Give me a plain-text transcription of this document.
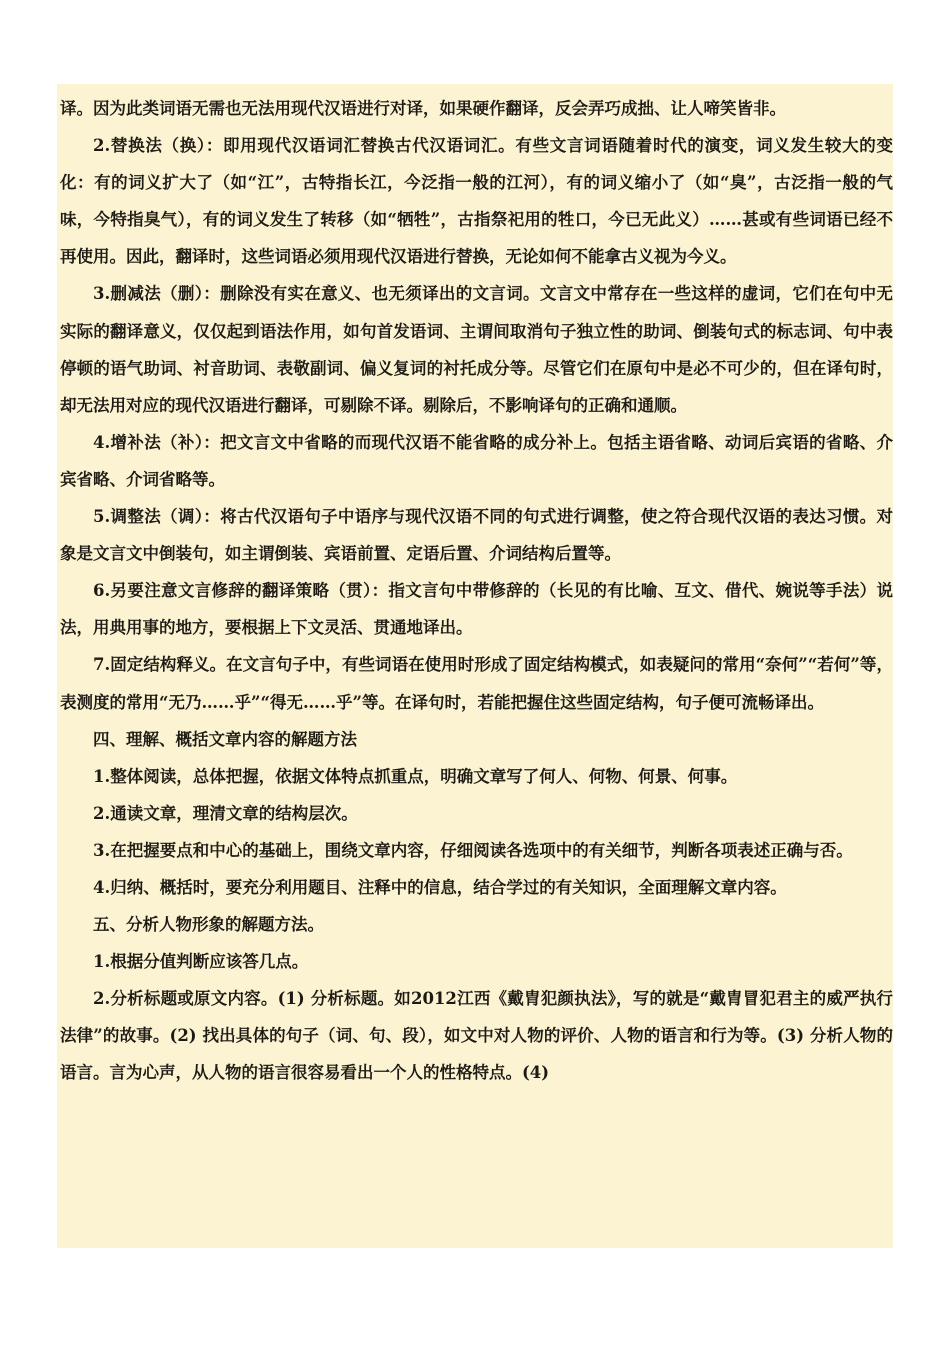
译。因为此类词语无需也无法用现代汉语进行对译，如果硬作翻译，反会弄巧成拙、让人啼笑皆非。

2.替换法（换）：即用现代汉语词汇替换古代汉语词汇。有些文言词语随着时代的演变，词义发生较大的变化：有的词义扩大了（如“江”，古特指长江，今泛指一般的江河），有的词义缩小了（如“臭”，古泛指一般的气味，今特指臭气），有的词义发生了转移（如“牺牲”，古指祭祀用的牲口，今已无此义）……甚或有些词语已经不再使用。因此，翻译时，这些词语必须用现代汉语进行替换，无论如何不能拿古义视为今义。

3.删减法（删）：删除没有实在意义、也无须译出的文言词。文言文中常存在一些这样的虚词，它们在句中无实际的翻译意义，仅仅起到语法作用，如句首发语词、主谓间取消句子独立性的助词、倒装句式的标志词、句中表停顿的语气助词、衬音助词、表敬副词、偏义复词的衬托成分等。尽管它们在原句中是必不可少的，但在译句时，却无法用对应的现代汉语进行翻译，可剔除不译。剔除后，不影响译句的正确和通顺。

4.增补法（补）：把文言文中省略的而现代汉语不能省略的成分补上。包括主语省略、动词后宾语的省略、介宾省略、介词省略等。

5.调整法（调）：将古代汉语句子中语序与现代汉语不同的句式进行调整，使之符合现代汉语的表达习惯。对象是文言文中倒装句，如主谓倒装、宾语前置、定语后置、介词结构后置等。

6.另要注意文言修辞的翻译策略（贯）：指文言句中带修辞的（长见的有比喻、互文、借代、婉说等手法）说法，用典用事的地方，要根据上下文灵活、贯通地译出。

7.固定结构释义。在文言句子中，有些词语在使用时形成了固定结构模式，如表疑问的常用“奈何”“若何”等，表测度的常用“无乃……乎”“得无……乎”等。在译句时，若能把握住这些固定结构，句子便可流畅译出。

四、理解、概括文章内容的解题方法

1.整体阅读，总体把握，依据文体特点抓重点，明确文章写了何人、何物、何景、何事。

2.通读文章，理清文章的结构层次。

3.在把握要点和中心的基础上，围绕文章内容，仔细阅读各选项中的有关细节，判断各项表述正确与否。

4.归纳、概括时，要充分利用题目、注释中的信息，结合学过的有关知识，全面理解文章内容。

五、分析人物形象的解题方法。

1.根据分值判断应该答几点。

2.分析标题或原文内容。(1) 分析标题。如2012江西《戴胄犯颜执法》，写的就是“戴胄冒犯君主的威严执行法律”的故事。(2) 找出具体的句子（词、句、段），如文中对人物的评价、人物的语言和行为等。(3) 分析人物的语言。言为心声，从人物的语言很容易看出一个人的性格特点。(4)
